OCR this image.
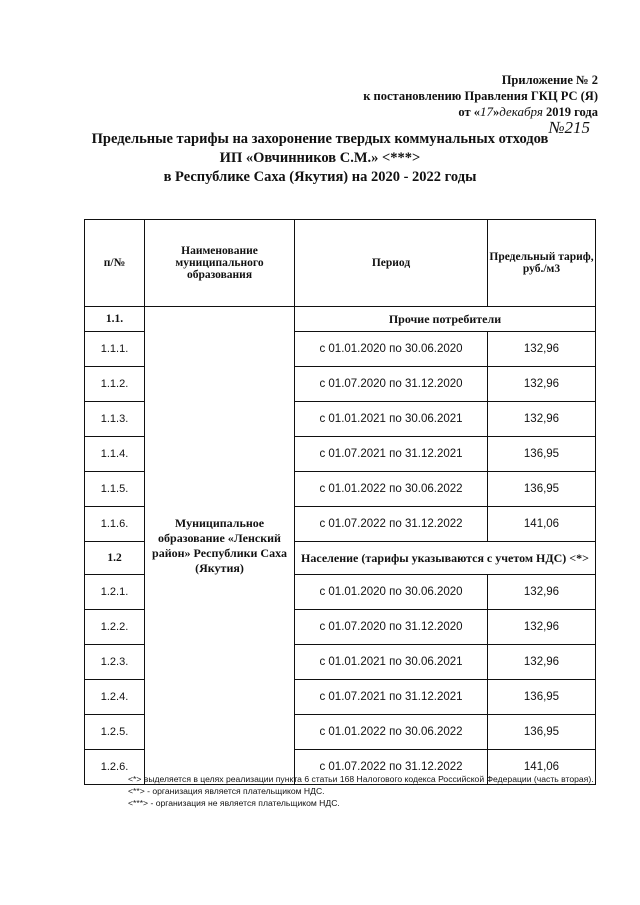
Приложение № 2
к постановлению Правления ГКЦ РС (Я)
от «17»декабря 2019 года
№215
Предельные тарифы на захоронение твердых коммунальных отходов
ИП «Овчинников С.М.» <***>
в Республике Саха (Якутия) на 2020 - 2022 годы
п/№	Наименование муниципального образования	Период	Предельный тариф, руб./м3
1.1.	Муниципальное образование «Ленский район» Республики Саха (Якутия)	Прочие потребители	
1.1.1.		с 01.01.2020 по 30.06.2020	132,96
1.1.2.		с 01.07.2020 по 31.12.2020	132,96
1.1.3.		с 01.01.2021 по 30.06.2021	132,96
1.1.4.		с 01.07.2021 по 31.12.2021	136,95
1.1.5.		с 01.01.2022 по 30.06.2022	136,95
1.1.6.		с 01.07.2022 по 31.12.2022	141,06
1.2		Население (тарифы указываются с учетом НДС) <*>	
1.2.1.		с 01.01.2020 по 30.06.2020	132,96
1.2.2.		с 01.07.2020 по 31.12.2020	132,96
1.2.3.		с 01.01.2021 по 30.06.2021	132,96
1.2.4.		с 01.07.2021 по 31.12.2021	136,95
1.2.5.		с 01.01.2022 по 30.06.2022	136,95
1.2.6.		с 01.07.2022 по 31.12.2022	141,06
<*> выделяется в целях реализации пункта 6 статьи 168 Налогового кодекса Российской Федерации (часть вторая).
<**> - организация является плательщиком НДС.
<***> - организация не является плательщиком НДС.
